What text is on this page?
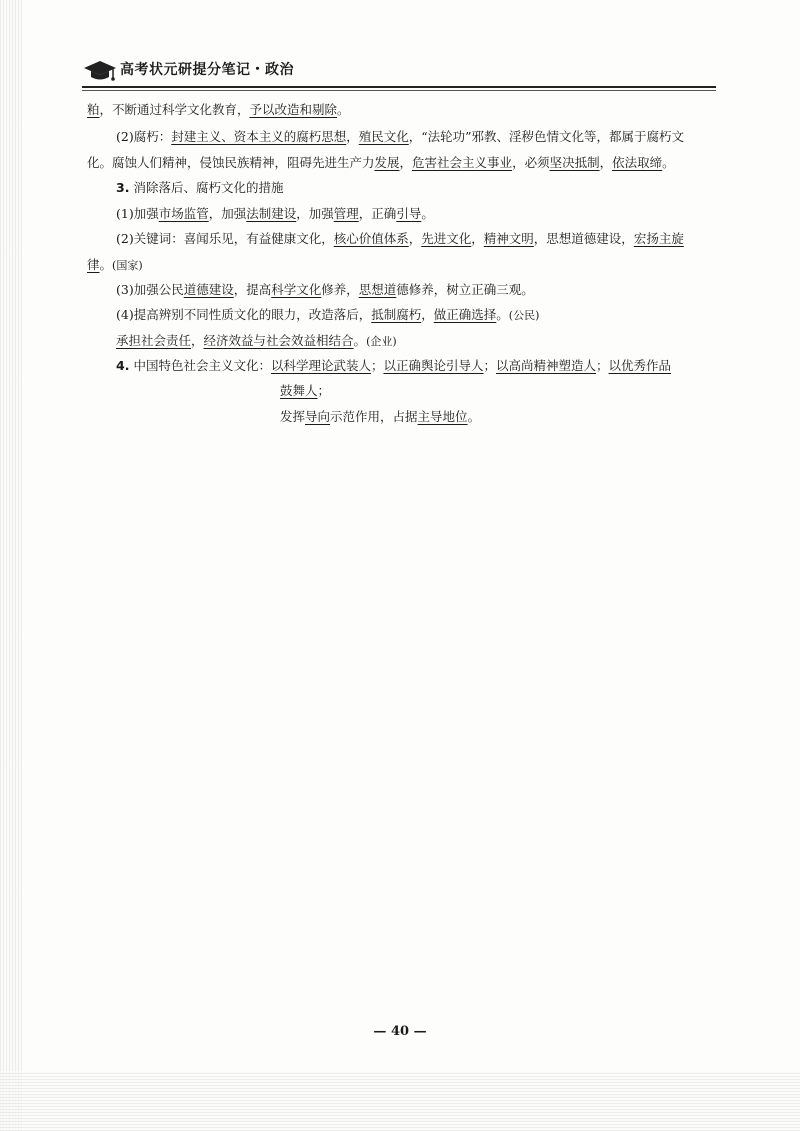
高考状元研提分笔记・政治
粕，不断通过科学文化教育，予以改造和剔除。
(2)腐朽：封建主义、资本主义的腐朽思想，殖民文化，“法轮功”邪教、淫秽色情文化等，都属于腐朽文
化。腐蚀人们精神，侵蚀民族精神，阻碍先进生产力发展，危害社会主义事业，必须坚决抵制，依法取缔。
3. 消除落后、腐朽文化的措施
(1)加强市场监管，加强法制建设，加强管理，正确引导。
(2)关键词：喜闻乐见，有益健康文化，核心价值体系，先进文化，精神文明，思想道德建设，宏扬主旋
律。(国家)
(3)加强公民道德建设，提高科学文化修养，思想道德修养，树立正确三观。
(4)提高辨别不同性质文化的眼力，改造落后，抵制腐朽，做正确选择。(公民)
承担社会责任，经济效益与社会效益相结合。(企业)
4. 中国特色社会主义文化：以科学理论武装人；以正确舆论引导人；以高尚精神塑造人；以优秀作品
鼓舞人；
发挥导向示范作用，占据主导地位。
— 40 —
